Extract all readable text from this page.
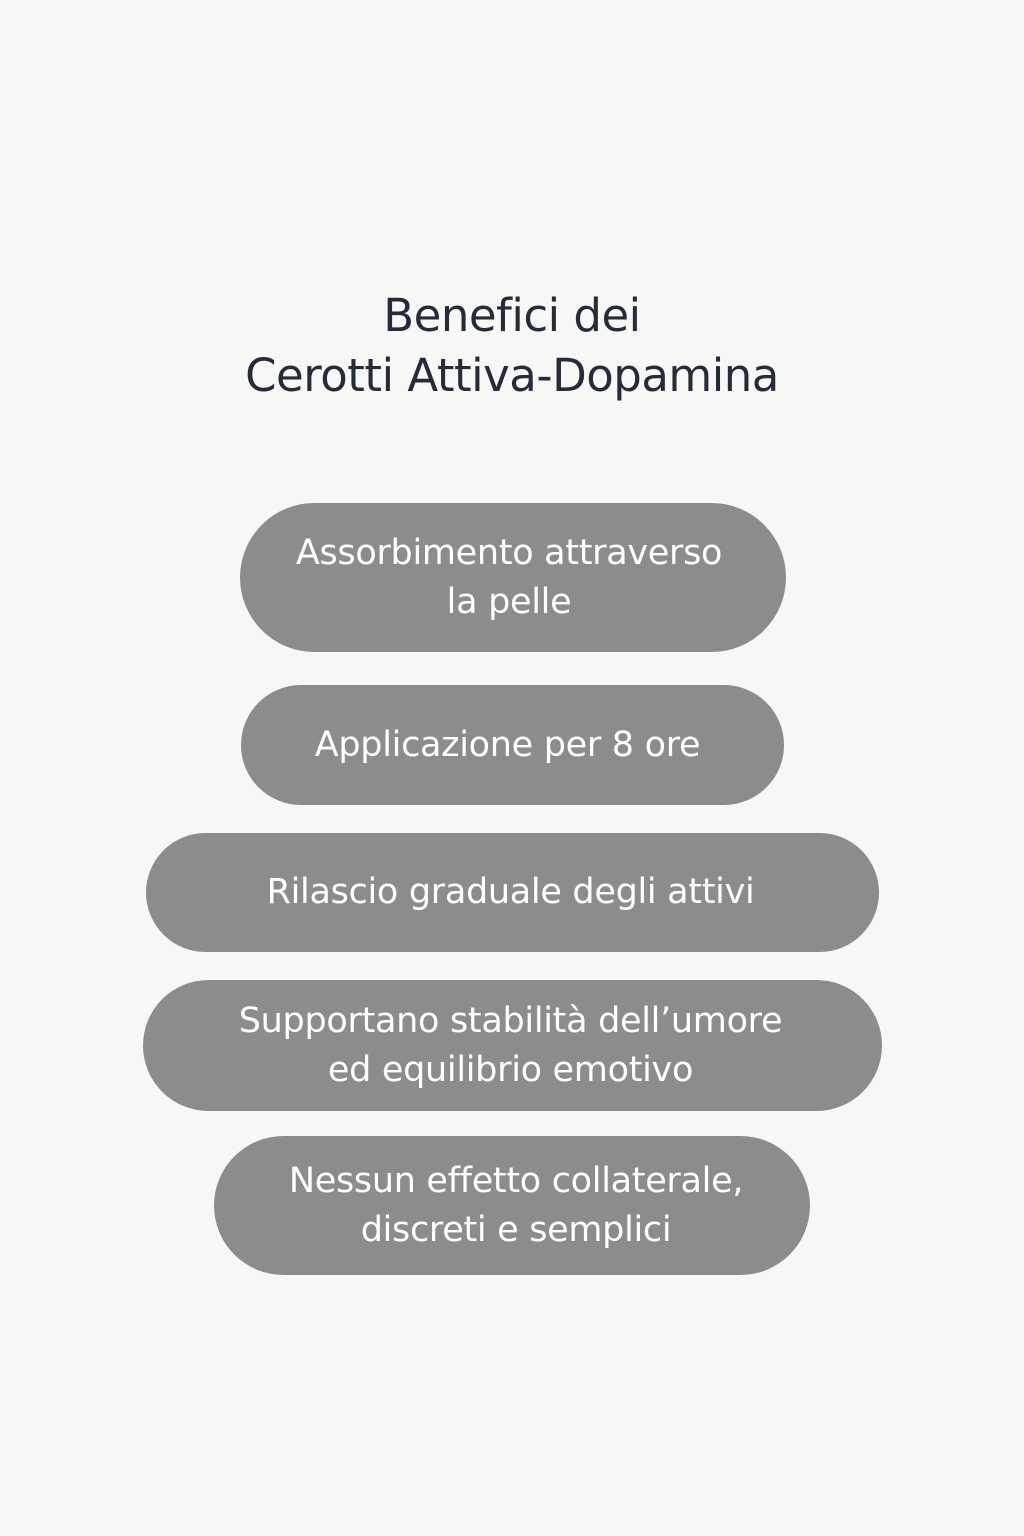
Benefici dei
Cerotti Attiva-Dopamina
Assorbimento attraverso
la pelle
Applicazione per 8 ore
Rilascio graduale degli attivi
Supportano stabilità dell’umore
ed equilibrio emotivo
Nessun effetto collaterale,
discreti e semplici
